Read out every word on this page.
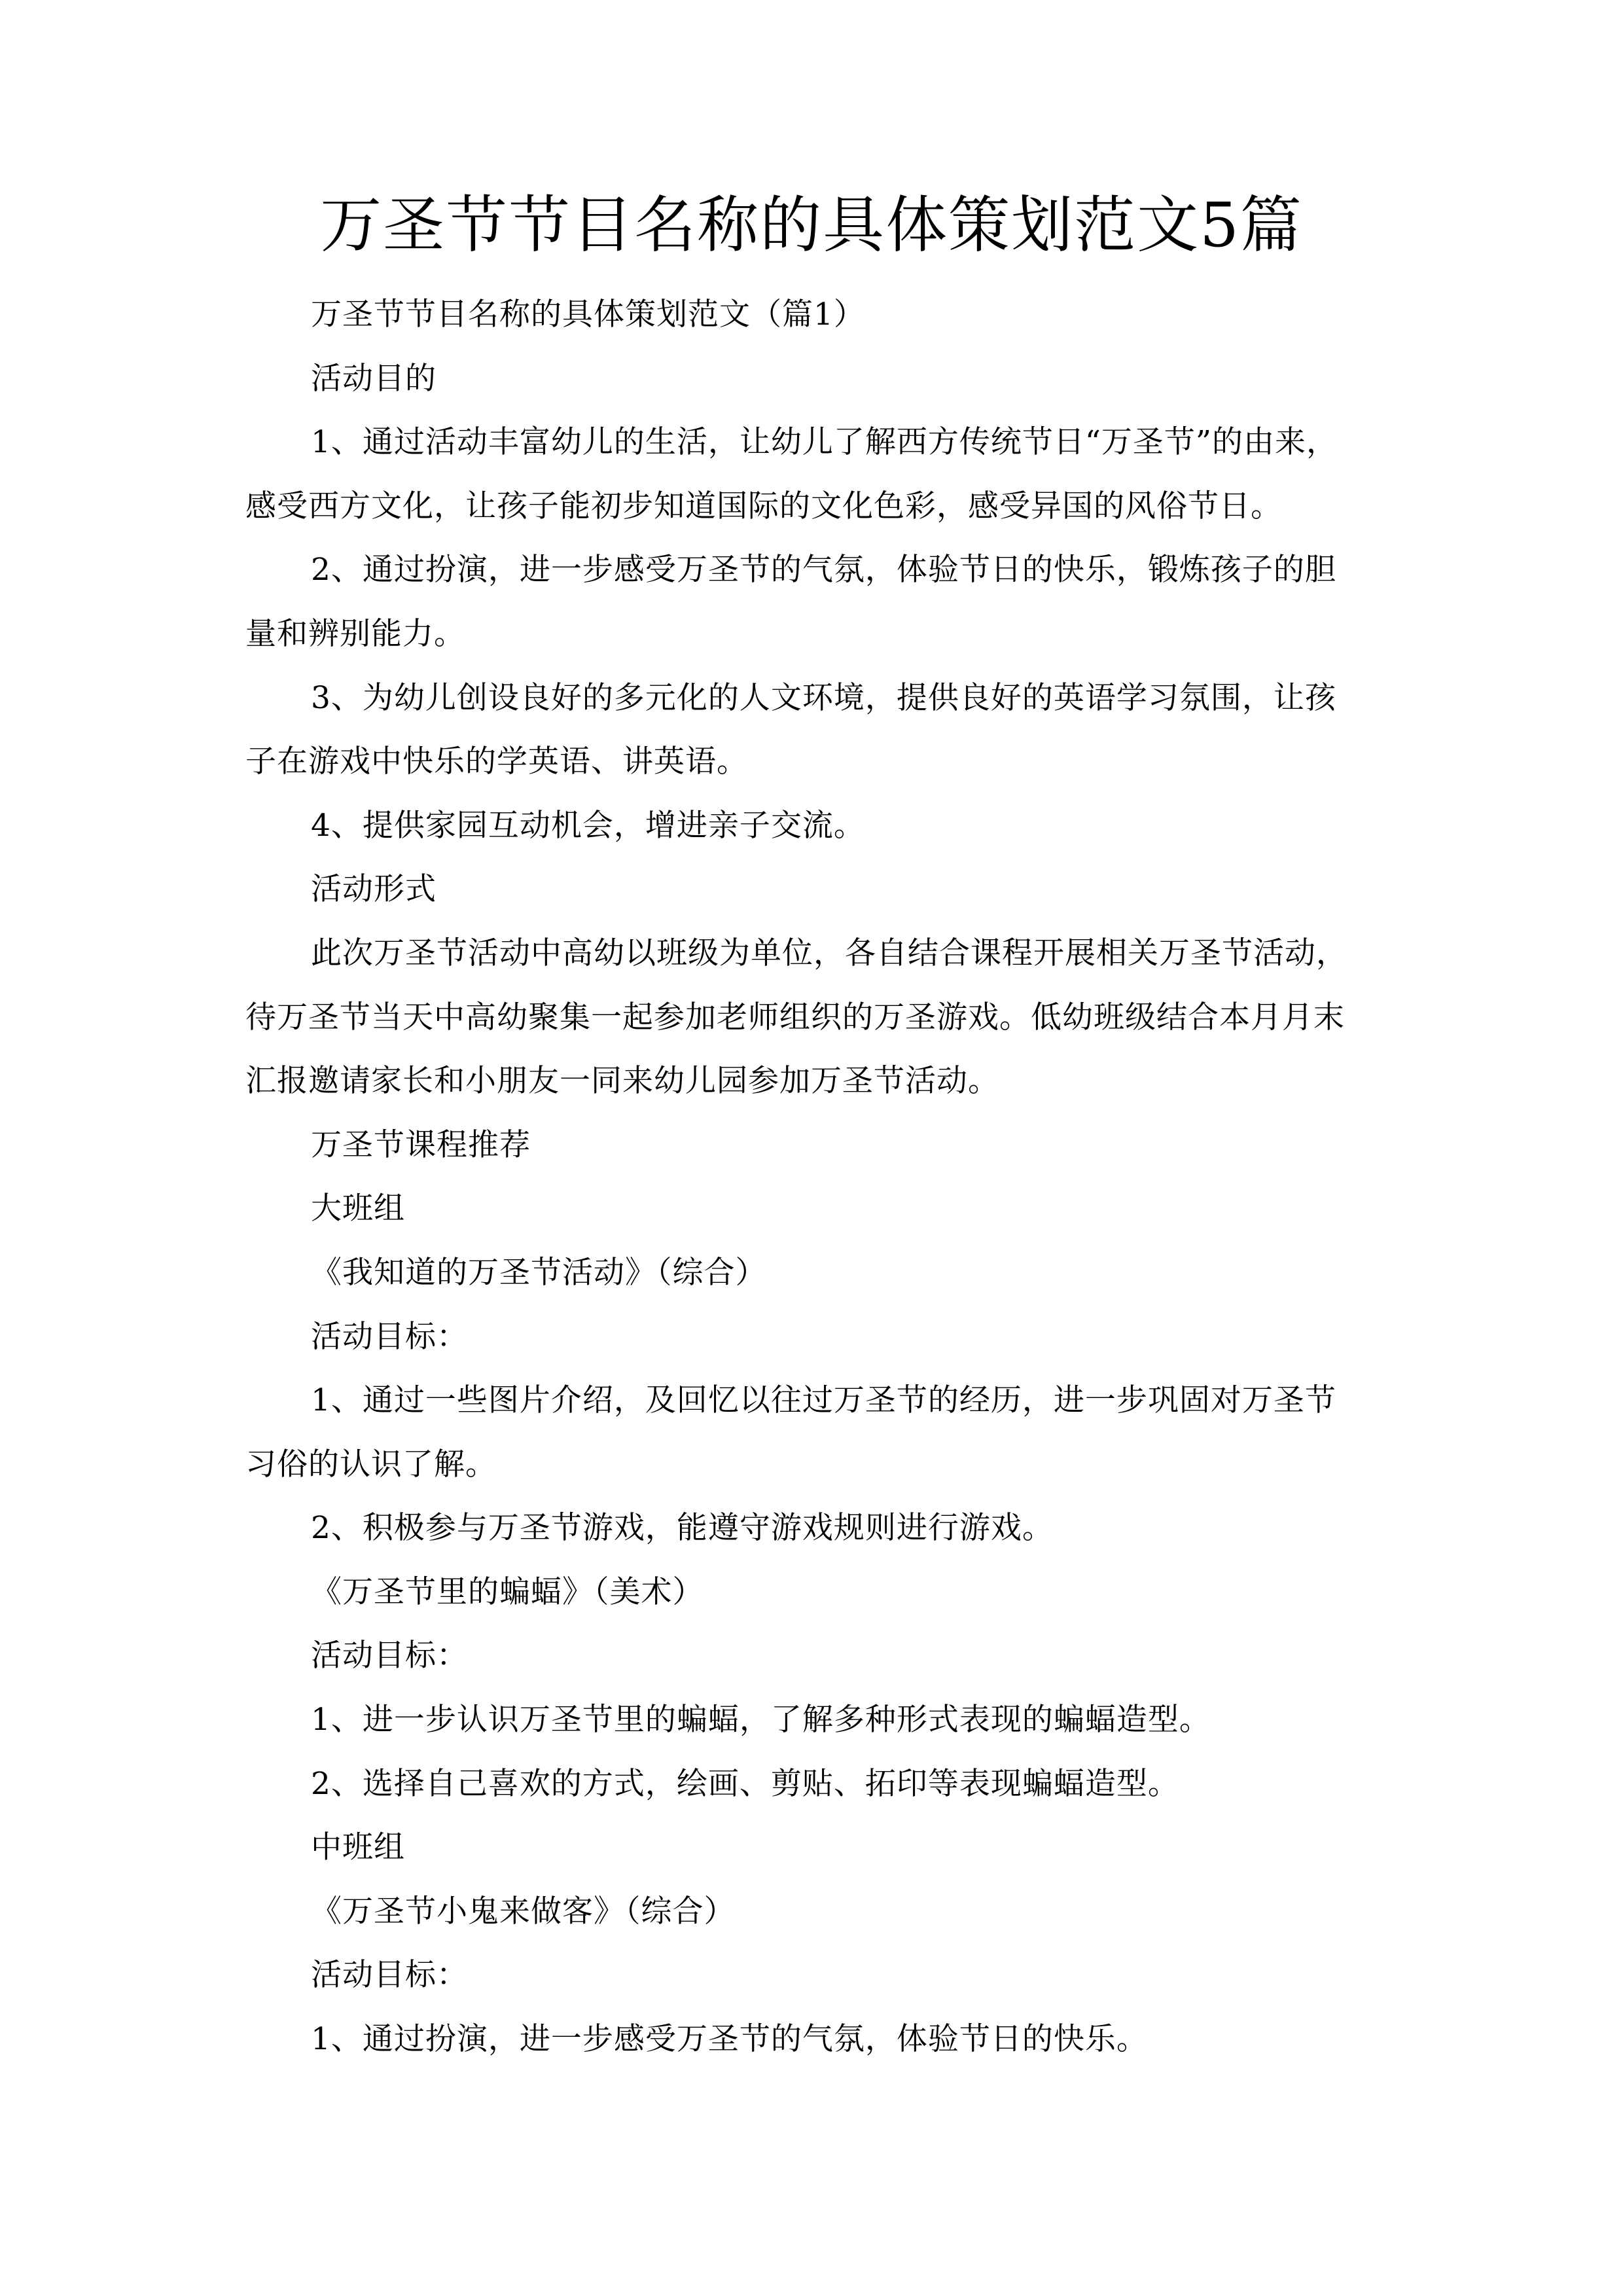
万圣节节目名称的具体策划范文5篇
万圣节节目名称的具体策划范文（篇1）
活动目的
1、通过活动丰富幼儿的生活，让幼儿了解西方传统节日“万圣节”的由来，
感受西方文化，让孩子能初步知道国际的文化色彩，感受异国的风俗节日。
2、通过扮演，进一步感受万圣节的气氛，体验节日的快乐，锻炼孩子的胆
量和辨别能力。
3、为幼儿创设良好的多元化的人文环境，提供良好的英语学习氛围，让孩
子在游戏中快乐的学英语、讲英语。
4、提供家园互动机会，增进亲子交流。
活动形式
此次万圣节活动中高幼以班级为单位，各自结合课程开展相关万圣节活动，
待万圣节当天中高幼聚集一起参加老师组织的万圣游戏。低幼班级结合本月月末
汇报邀请家长和小朋友一同来幼儿园参加万圣节活动。
万圣节课程推荐
大班组
《我知道的万圣节活动》（综合）
活动目标：
1、通过一些图片介绍，及回忆以往过万圣节的经历，进一步巩固对万圣节
习俗的认识了解。
2、积极参与万圣节游戏，能遵守游戏规则进行游戏。
《万圣节里的蝙蝠》（美术）
活动目标：
1、进一步认识万圣节里的蝙蝠，了解多种形式表现的蝙蝠造型。
2、选择自己喜欢的方式，绘画、剪贴、拓印等表现蝙蝠造型。
中班组
《万圣节小鬼来做客》（综合）
活动目标：
1、通过扮演，进一步感受万圣节的气氛，体验节日的快乐。
